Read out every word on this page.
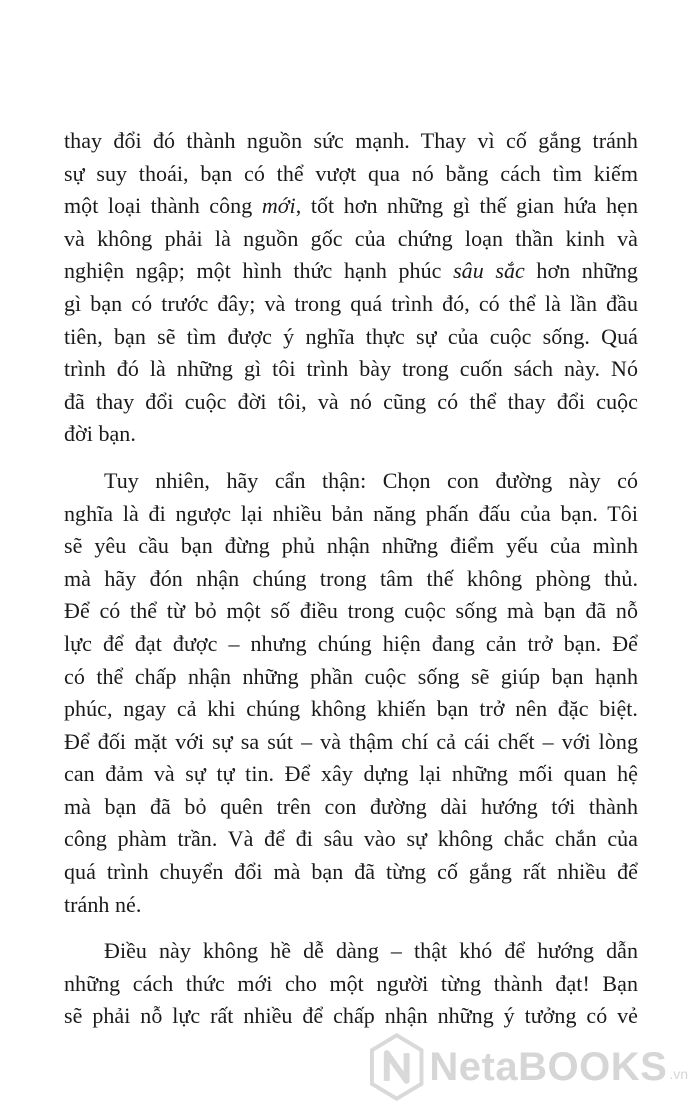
thay đổi đó thành nguồn sức mạnh. Thay vì cố gắng tránh
sự suy thoái, bạn có thể vượt qua nó bằng cách tìm kiếm
một loại thành công mới, tốt hơn những gì thế gian hứa hẹn
và không phải là nguồn gốc của chứng loạn thần kinh và
nghiện ngập; một hình thức hạnh phúc sâu sắc hơn những
gì bạn có trước đây; và trong quá trình đó, có thể là lần đầu
tiên, bạn sẽ tìm được ý nghĩa thực sự của cuộc sống. Quá
trình đó là những gì tôi trình bày trong cuốn sách này. Nó
đã thay đổi cuộc đời tôi, và nó cũng có thể thay đổi cuộc
đời bạn.
Tuy nhiên, hãy cẩn thận: Chọn con đường này có
nghĩa là đi ngược lại nhiều bản năng phấn đấu của bạn. Tôi
sẽ yêu cầu bạn đừng phủ nhận những điểm yếu của mình
mà hãy đón nhận chúng trong tâm thế không phòng thủ.
Để có thể từ bỏ một số điều trong cuộc sống mà bạn đã nỗ
lực để đạt được – nhưng chúng hiện đang cản trở bạn. Để
có thể chấp nhận những phần cuộc sống sẽ giúp bạn hạnh
phúc, ngay cả khi chúng không khiến bạn trở nên đặc biệt.
Để đối mặt với sự sa sút – và thậm chí cả cái chết – với lòng
can đảm và sự tự tin. Để xây dựng lại những mối quan hệ
mà bạn đã bỏ quên trên con đường dài hướng tới thành
công phàm trần. Và để đi sâu vào sự không chắc chắn của
quá trình chuyển đổi mà bạn đã từng cố gắng rất nhiều để
tránh né.
Điều này không hề dễ dàng – thật khó để hướng dẫn
những cách thức mới cho một người từng thành đạt! Bạn
sẽ phải nỗ lực rất nhiều để chấp nhận những ý tưởng có vẻ
NetaBOOKS .vn
